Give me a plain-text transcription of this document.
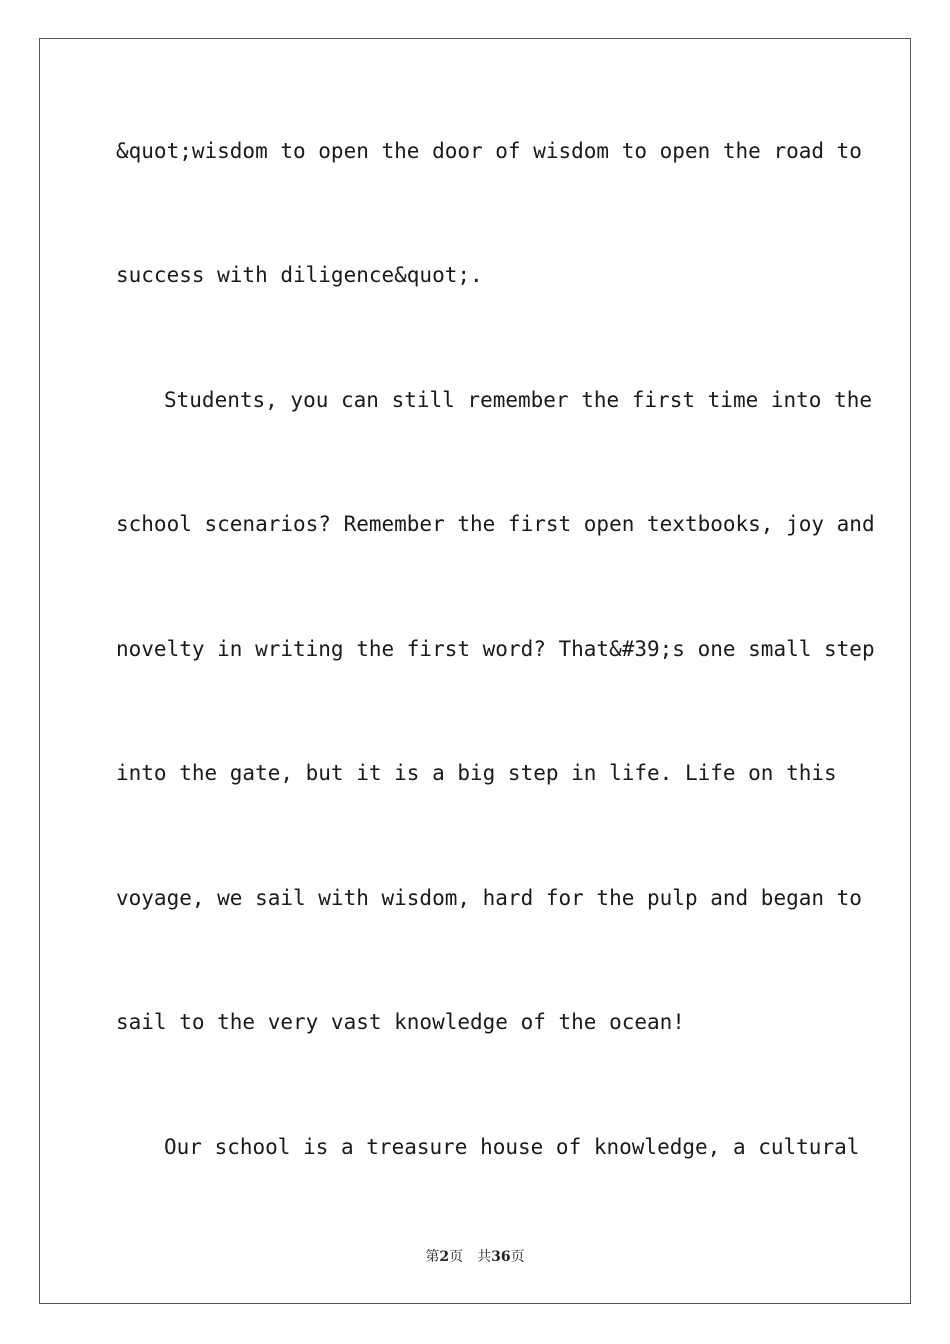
&quot;wisdom to open the door of wisdom to open the road to
success with diligence&quot;.
Students, you can still remember the first time into the
school scenarios? Remember the first open textbooks, joy and
novelty in writing the first word? That&#39;s one small step
into the gate, but it is a big step in life. Life on this
voyage, we sail with wisdom, hard for the pulp and began to
sail to the very vast knowledge of the ocean!
Our school is a treasure house of knowledge, a cultural
第2页 共36页
